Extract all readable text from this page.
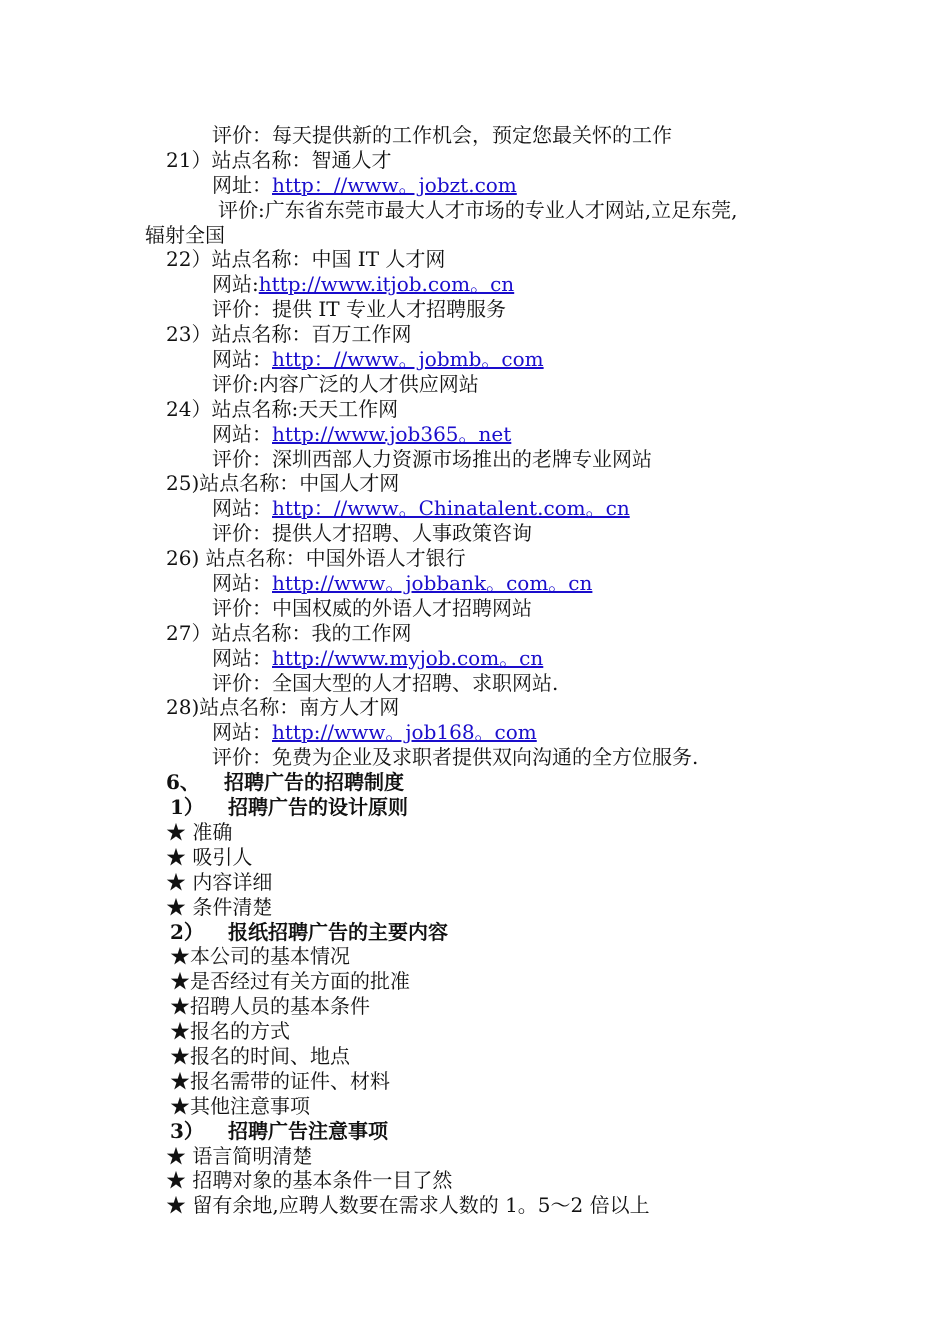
评价：每天提供新的工作机会，预定您最关怀的工作
21）站点名称：智通人才
网址：http：//www。jobzt.com
评价:广东省东莞市最大人才市场的专业人才网站,立足东莞,
辐射全国
22）站点名称：中国 IT 人才网
网站:http://www.itjob.com。cn
评价：提供 IT 专业人才招聘服务
23）站点名称：百万工作网
网站：http：//www。jobmb。com
评价:内容广泛的人才供应网站
24）站点名称:天天工作网
网站：http://www.job365。net
评价：深圳西部人力资源市场推出的老牌专业网站
25)站点名称：中国人才网
网站：http：//www。Chinatalent.com。cn
评价：提供人才招聘、人事政策咨询
26) 站点名称：中国外语人才银行
网站：http://www。jobbank。com。cn
评价：中国权威的外语人才招聘网站
27）站点名称：我的工作网
网站：http://www.myjob.com。cn
评价：全国大型的人才招聘、求职网站.
28)站点名称：南方人才网
网站：http://www。job168。com
评价：免费为企业及求职者提供双向沟通的全方位服务.
6、 招聘广告的招聘制度
1） 招聘广告的设计原则
★ 准确
★ 吸引人
★ 内容详细
★ 条件清楚
2） 报纸招聘广告的主要内容
★本公司的基本情况
★是否经过有关方面的批准
★招聘人员的基本条件
★报名的方式
★报名的时间、地点
★报名需带的证件、材料
★其他注意事项
3） 招聘广告注意事项
★ 语言简明清楚
★ 招聘对象的基本条件一目了然
★ 留有余地,应聘人数要在需求人数的 1。5～2 倍以上
